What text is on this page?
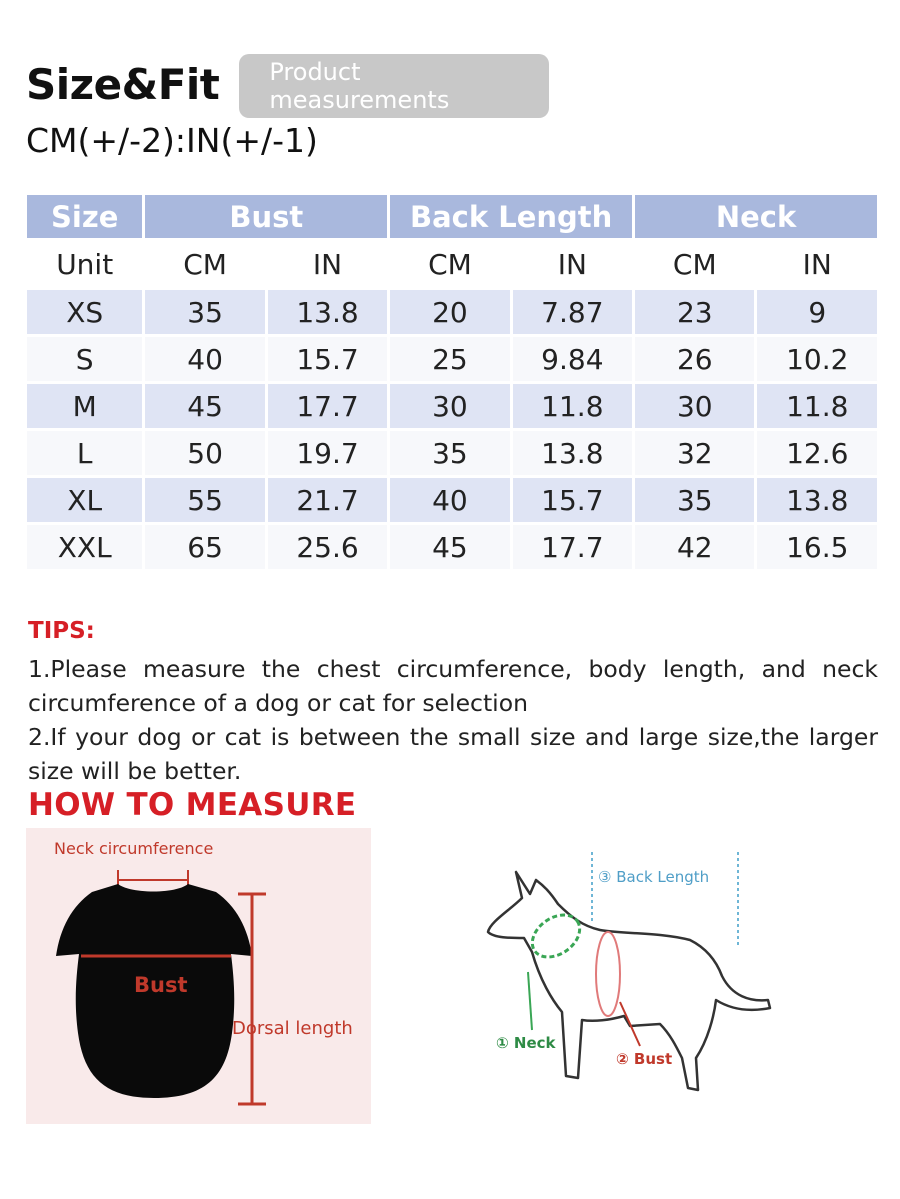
Size&Fit	Product measurements
CM(+/-2):IN(+/-1)
Size	Bust		Back Length		Neck	
Unit	CM	IN	CM	IN	CM	IN
XS	35	13.8	20	7.87	23	9
S	40	15.7	25	9.84	26	10.2
M	45	17.7	30	11.8	30	11.8
L	50	19.7	35	13.8	32	12.6
XL	55	21.7	40	15.7	35	13.8
XXL	65	25.6	45	17.7	42	16.5
TIPS:
1.Please measure the chest circumference, body length, and neck circumference of a dog or cat for selection
2.If your dog or cat is between the small size and large size,the larger size will be better.
HOW TO MEASURE
Neck circumference
Bust
Dorsal length
③ Back Length
① Neck
② Bust
